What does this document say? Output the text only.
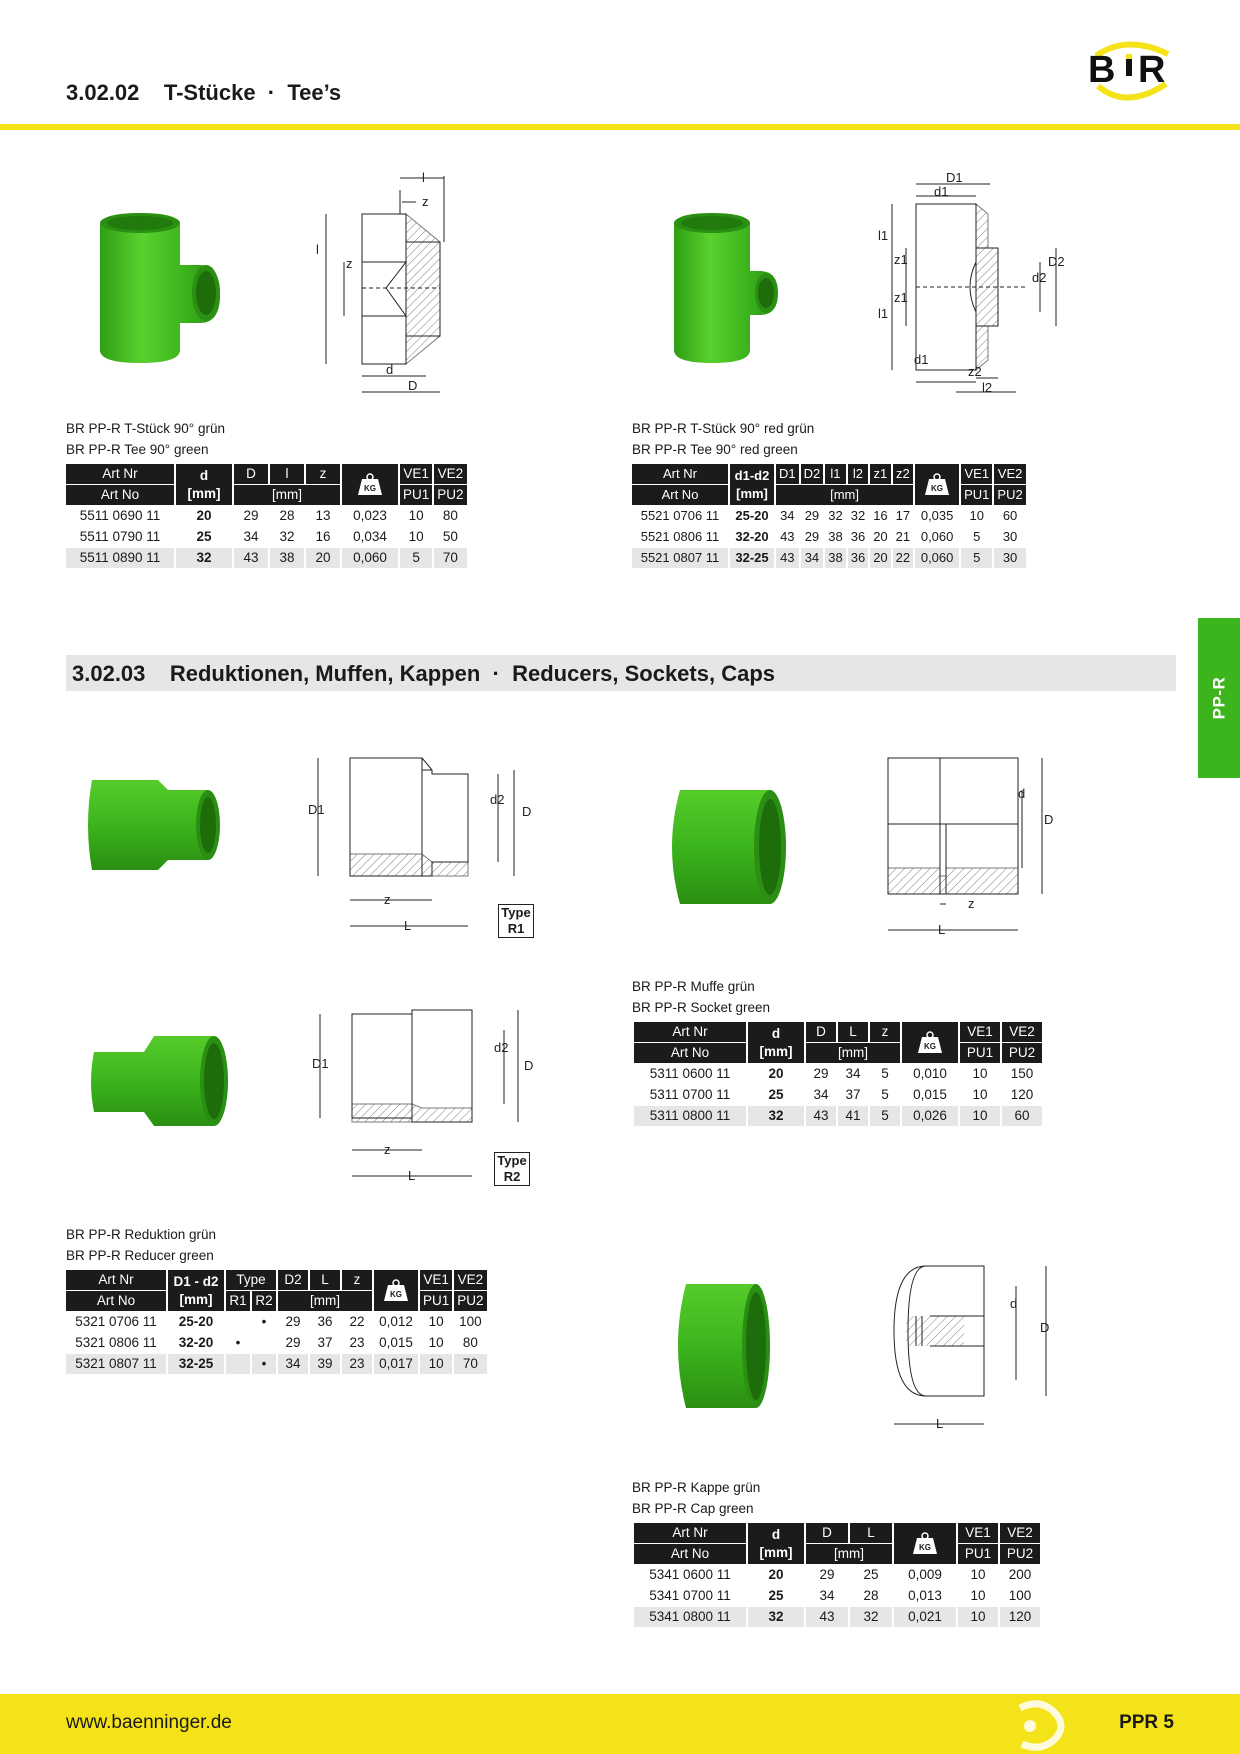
3.02.02 T-Stücke · Tee’s
B R
PP-R
l
z
l
z
d
D
BR PP-R T-Stück 90° grün
BR PP-R Tee 90° green
Art Nr	d
[mm]	D	l	z		VE1	VE2
Art No		[mm]				PU1	PU2
5511 0690 11	20	29	28	13	0,023	10	80
5511 0790 11	25	34	32	16	0,034	10	50
5511 0890 11	32	43	38	20	0,060	5	70
D1
d1
l1
z1
z1
l1
D2
d2
d1
z2
l2
BR PP-R T-Stück 90° red grün
BR PP-R Tee 90° red green
Art Nr	d1-d2
[mm]	D1	D2	l1	l2	z1	z2		VE1	VE2
Art No		[mm]							PU1	PU2
5521 0706 11	25-20	34	29	32	32	16	17	0,035	10	60
5521 0806 11	32-20	43	29	38	36	20	21	0,060	5	30
5521 0807 11	32-25	43	34	38	36	20	22	0,060	5	30
3.02.03 Reduktionen, Muffen, Kappen · Reducers, Sockets, Caps
D1
d2
D
z
L
Type
R1
D1
d2
D
z
L
Type
R2
BR PP-R Reduktion grün
BR PP-R Reducer green
Art Nr	D1 - d2
[mm]	Type		D2	L	z		VE1	VE2
Art No		R1	R2	[mm]				PU1	PU2
5321 0706 11	25-20		•	29	36	22	0,012	10	100
5321 0806 11	32-20	•		29	37	23	0,015	10	80
5321 0807 11	32-25		•	34	39	23	0,017	10	70
d
D
z
L
BR PP-R Muffe grün
BR PP-R Socket green
Art Nr	d
[mm]	D	L	z		VE1	VE2
Art No		[mm]				PU1	PU2
5311 0600 11	20	29	34	5	0,010	10	150
5311 0700 11	25	34	37	5	0,015	10	120
5311 0800 11	32	43	41	5	0,026	10	60
d
D
L
BR PP-R Kappe grün
BR PP-R Cap green
Art Nr	d
[mm]	D	L		VE1	VE2
Art No		[mm]			PU1	PU2
5341 0600 11	20	29	25	0,009	10	200
5341 0700 11	25	34	28	0,013	10	100
5341 0800 11	32	43	32	0,021	10	120
www.baenninger.de	PPR 5
